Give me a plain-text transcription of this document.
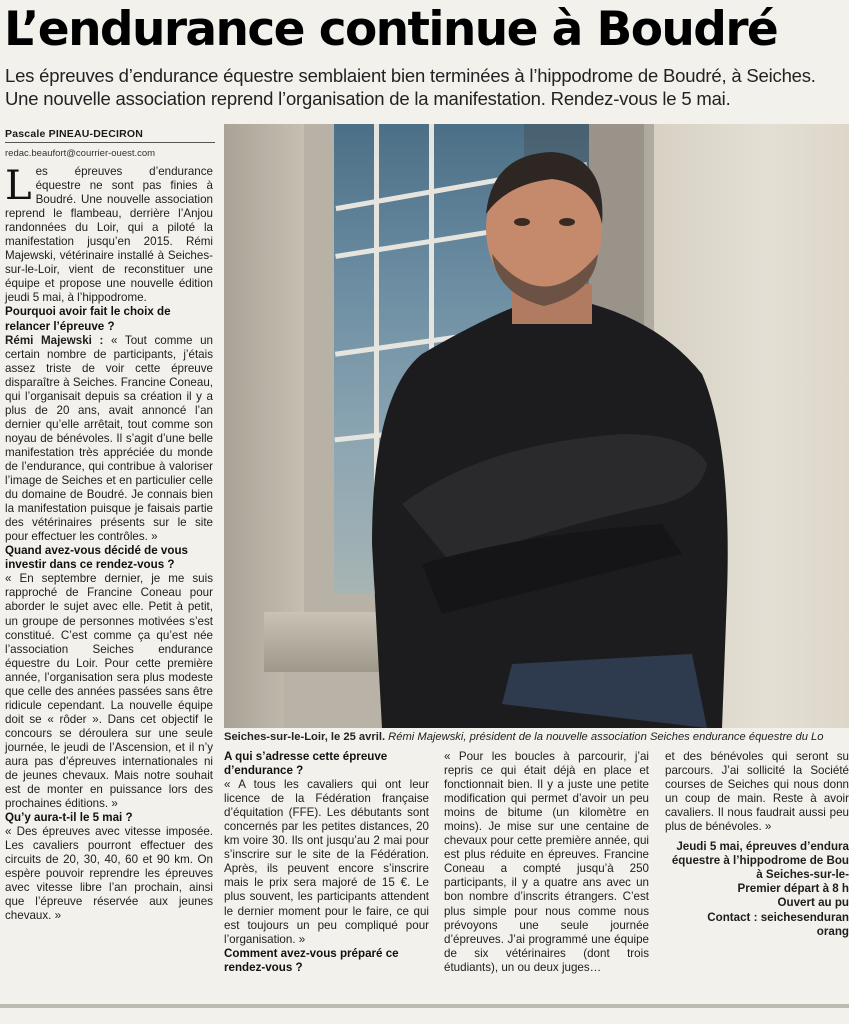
L’endurance continue à Boudré

Les épreuves d’endurance équestre semblaient bien terminées à l’hippodrome de Boudré, à Seiches. Une nouvelle association reprend l’organisation de la manifestation. Rendez-vous le 5 mai.

Pascale PINEAU-DECIRON
redac.beaufort@courrier-ouest.com

Les épreuves d’endurance équestre ne sont pas finies à Boudré. Une nouvelle association reprend le flambeau, derrière l’Anjou randonnées du Loir, qui a piloté la manifestation jusqu’en 2015. Rémi Majewski, vétérinaire installé à Seiches-sur-le-Loir, vient de reconstituer une équipe et propose une nouvelle édition jeudi 5 mai, à l’hippodrome.

Pourquoi avoir fait le choix de relancer l’épreuve ?

Rémi Majewski : « Tout comme un certain nombre de participants, j’étais assez triste de voir cette épreuve disparaître à Seiches. Francine Coneau, qui l’organisait depuis sa création il y a plus de 20 ans, avait annoncé l’an dernier qu’elle arrêtait, tout comme son noyau de bénévoles. Il s’agit d’une belle manifestation très appréciée du monde de l’endurance, qui contribue à valoriser l’image de Seiches et en particulier celle du domaine de Boudré. Je connais bien la manifestation puisque je faisais partie des vétérinaires présents sur le site pour effectuer les contrôles. »

Quand avez-vous décidé de vous investir dans ce rendez-vous ?

« En septembre dernier, je me suis rapproché de Francine Coneau pour aborder le sujet avec elle. Petit à petit, un groupe de personnes motivées s’est constitué. C’est comme ça qu’est née l’association Seiches endurance équestre du Loir. Pour cette première année, l’organisation sera plus modeste que celle des années passées sans être ridicule cependant. La nouvelle équipe doit se « rôder ». Dans cet objectif le concours se déroulera sur une seule journée, le jeudi de l’Ascension, et il n’y aura pas d’épreuves internationales ni de jeunes chevaux. Mais notre souhait est de monter en puissance lors des prochaines éditions. »

Qu’y aura-t-il le 5 mai ?

« Des épreuves avec vitesse imposée. Les cavaliers pourront effectuer des circuits de 20, 30, 40, 60 et 90 km. On espère pouvoir reprendre les épreuves avec vitesse libre l’an prochain, ainsi que l’épreuve réservée aux jeunes chevaux. »

Seiches-sur-le-Loir, le 25 avril. Rémi Majewski, président de la nouvelle association Seiches endurance équestre du Lo

A qui s’adresse cette épreuve d’endurance ?

« A tous les cavaliers qui ont leur licence de la Fédération française d’équitation (FFE). Les débutants sont concernés par les petites distances, 20 km voire 30. Ils ont jusqu’au 2 mai pour s’inscrire sur le site de la Fédération. Après, ils peuvent encore s’inscrire mais le prix sera majoré de 15 €. Le plus souvent, les participants attendent le dernier moment pour le faire, ce qui est toujours un peu compliqué pour l’organisation. »

Comment avez-vous préparé ce rendez-vous ?

« Pour les boucles à parcourir, j’ai repris ce qui était déjà en place et fonctionnait bien. Il y a juste une petite modification qui permet d’avoir un peu moins de bitume (un kilomètre en moins). Je mise sur une centaine de chevaux pour cette première année, qui est plus réduite en épreuves. Francine Coneau a compté jusqu’à 250 participants, il y a quatre ans avec un bon nombre d’inscrits étrangers. C’est plus simple pour nous comme nous prévoyons une seule journée d’épreuves. J’ai programmé une équipe de six vétérinaires (dont trois étudiants), un ou deux juges…

et des bénévoles qui seront su parcours. J’ai sollicité la Société courses de Seiches qui nous donn un coup de main. Reste à avoir cavaliers. Il nous faudrait aussi peu plus de bénévoles. »

Jeudi 5 mai, épreuves d’endura

équestre à l’hippodrome de Bou

à Seiches-sur-le-

Premier départ à 8 h

Ouvert au pu

Contact : seichesenduran

orang
